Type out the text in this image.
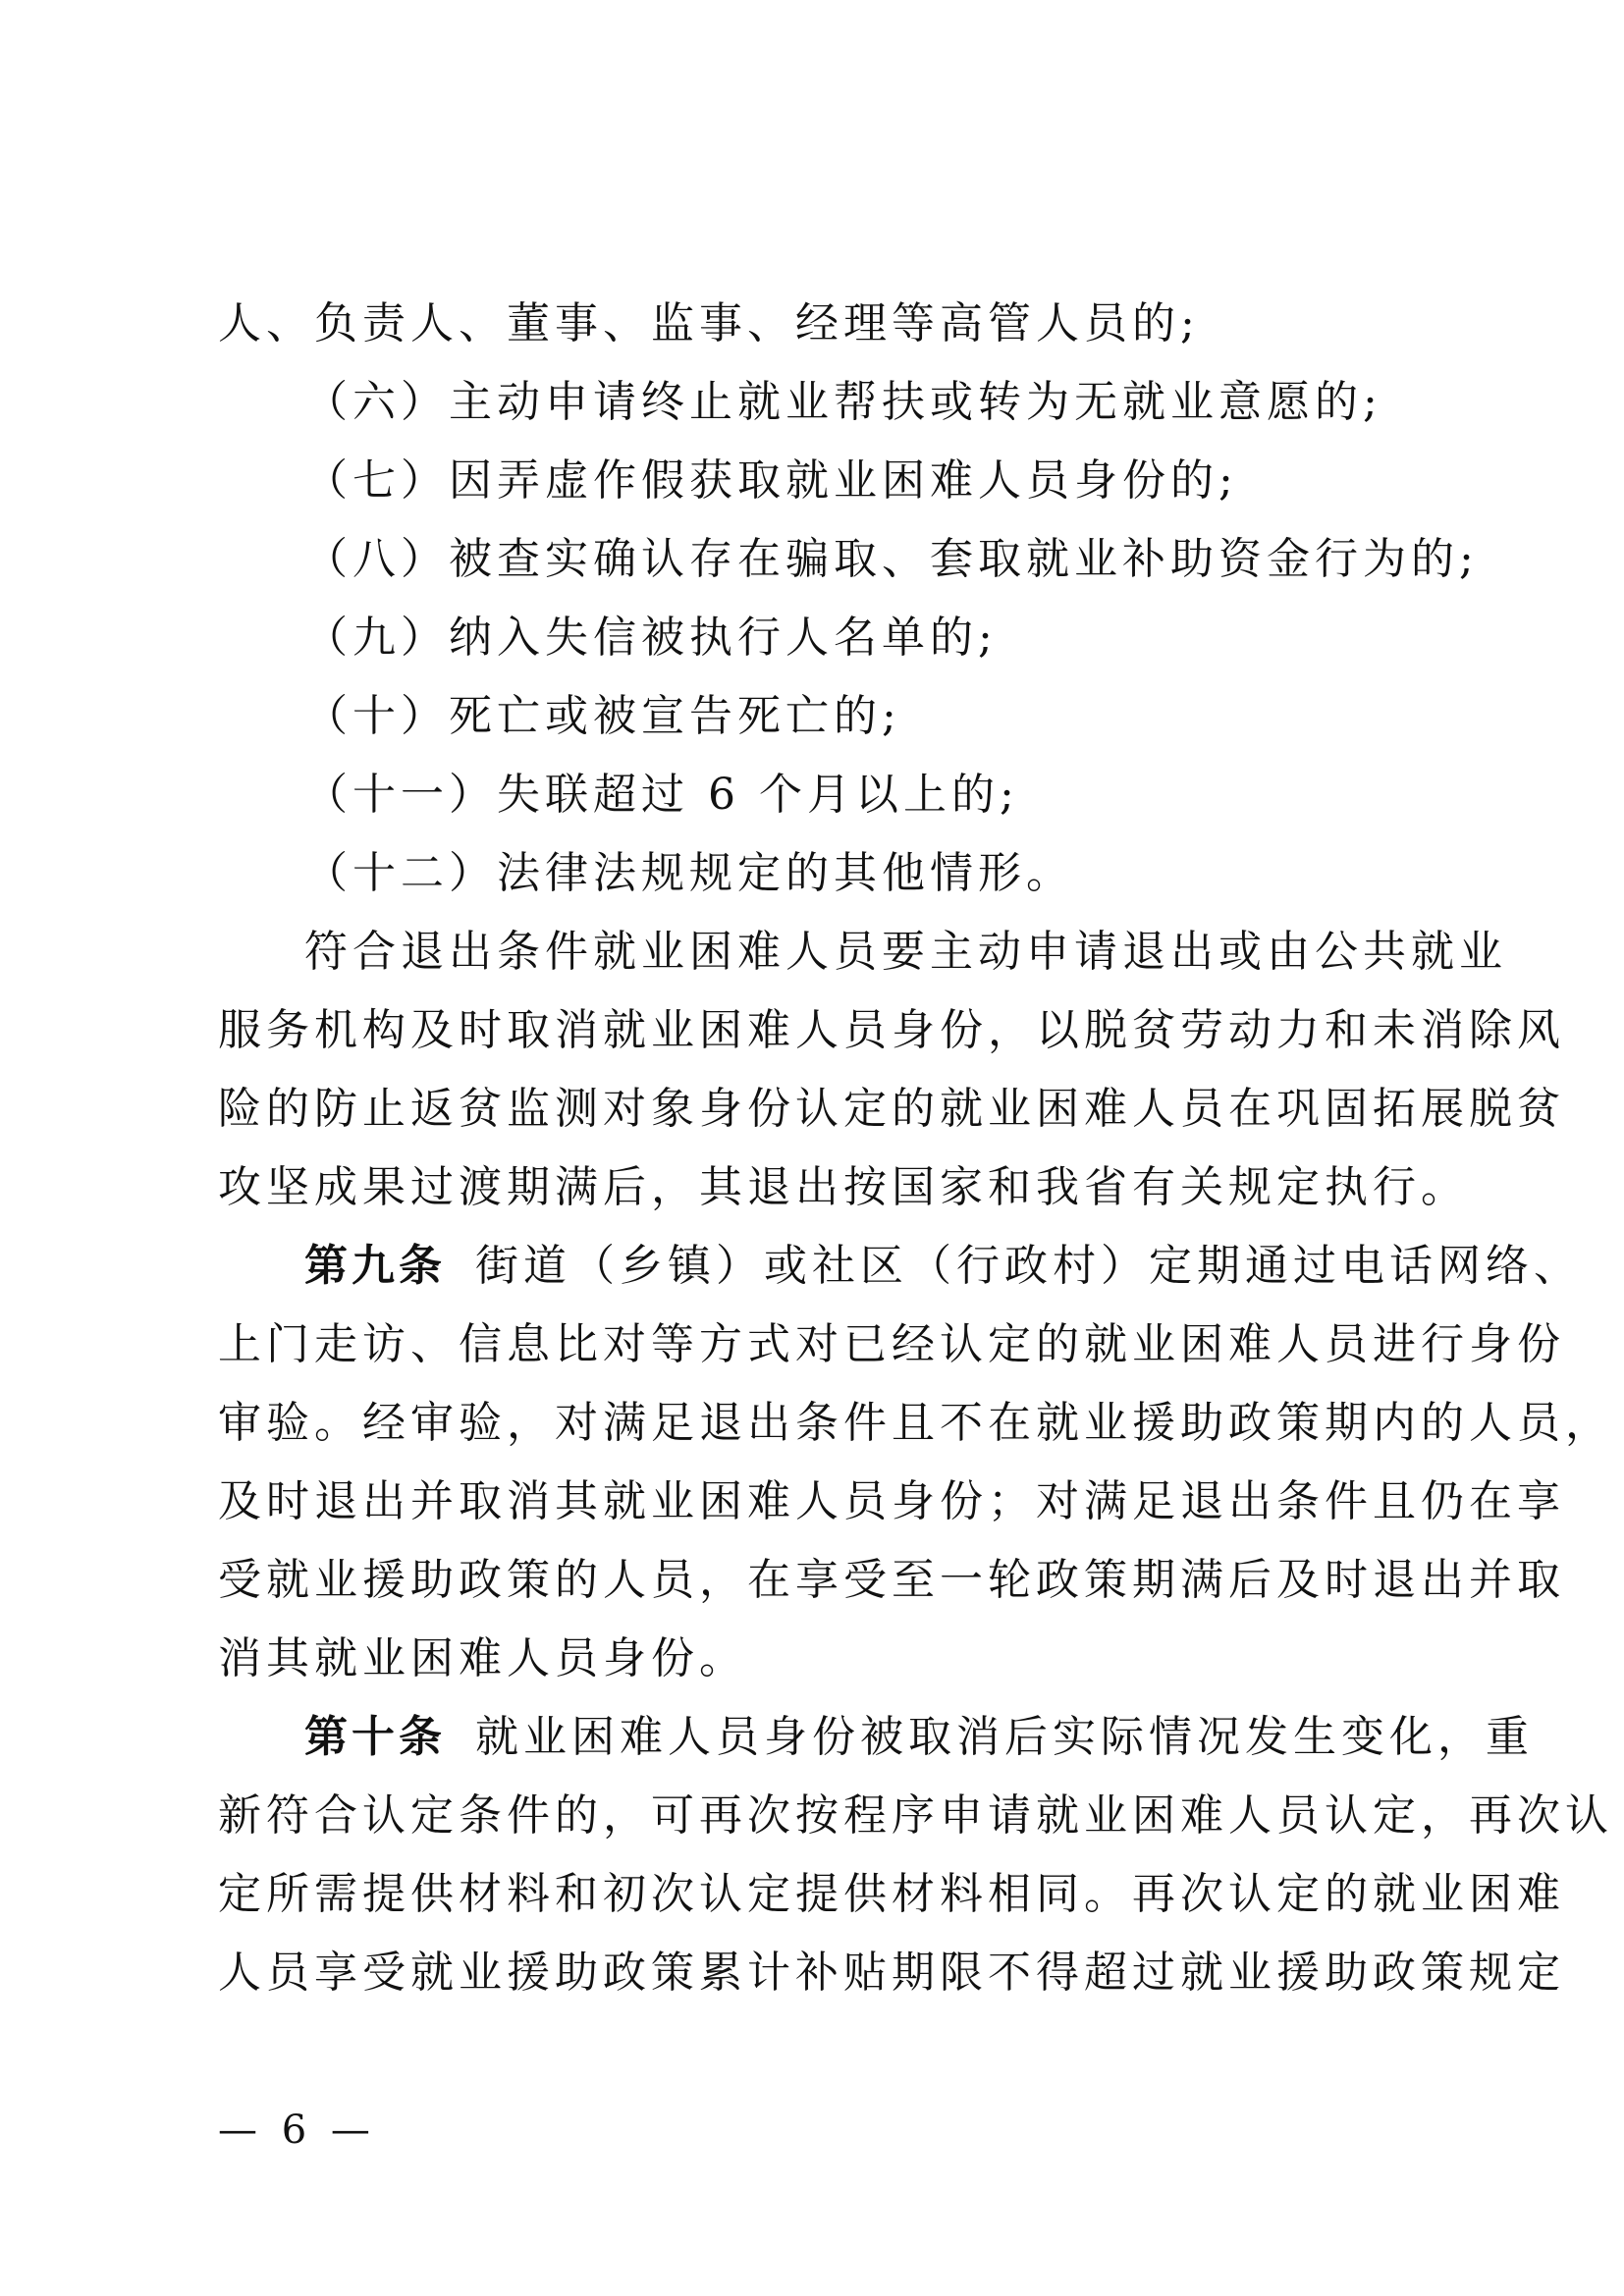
人、负责人、董事、监事、经理等高管人员的;
（六）主动申请终止就业帮扶或转为无就业意愿的;
（七）因弄虚作假获取就业困难人员身份的;
（八）被查实确认存在骗取、套取就业补助资金行为的;
（九）纳入失信被执行人名单的;
（十）死亡或被宣告死亡的;
（十一）失联超过 6 个月以上的;
（十二）法律法规规定的其他情形。
符合退出条件就业困难人员要主动申请退出或由公共就业
服务机构及时取消就业困难人员身份，以脱贫劳动力和未消除风
险的防止返贫监测对象身份认定的就业困难人员在巩固拓展脱贫
攻坚成果过渡期满后，其退出按国家和我省有关规定执行。
第九条 街道（乡镇）或社区（行政村）定期通过电话网络、
上门走访、信息比对等方式对已经认定的就业困难人员进行身份
审验。经审验，对满足退出条件且不在就业援助政策期内的人员，
及时退出并取消其就业困难人员身份；对满足退出条件且仍在享
受就业援助政策的人员，在享受至一轮政策期满后及时退出并取
消其就业困难人员身份。
第十条 就业困难人员身份被取消后实际情况发生变化，重
新符合认定条件的，可再次按程序申请就业困难人员认定，再次认
定所需提供材料和初次认定提供材料相同。再次认定的就业困难
人员享受就业援助政策累计补贴期限不得超过就业援助政策规定
— 6 —
